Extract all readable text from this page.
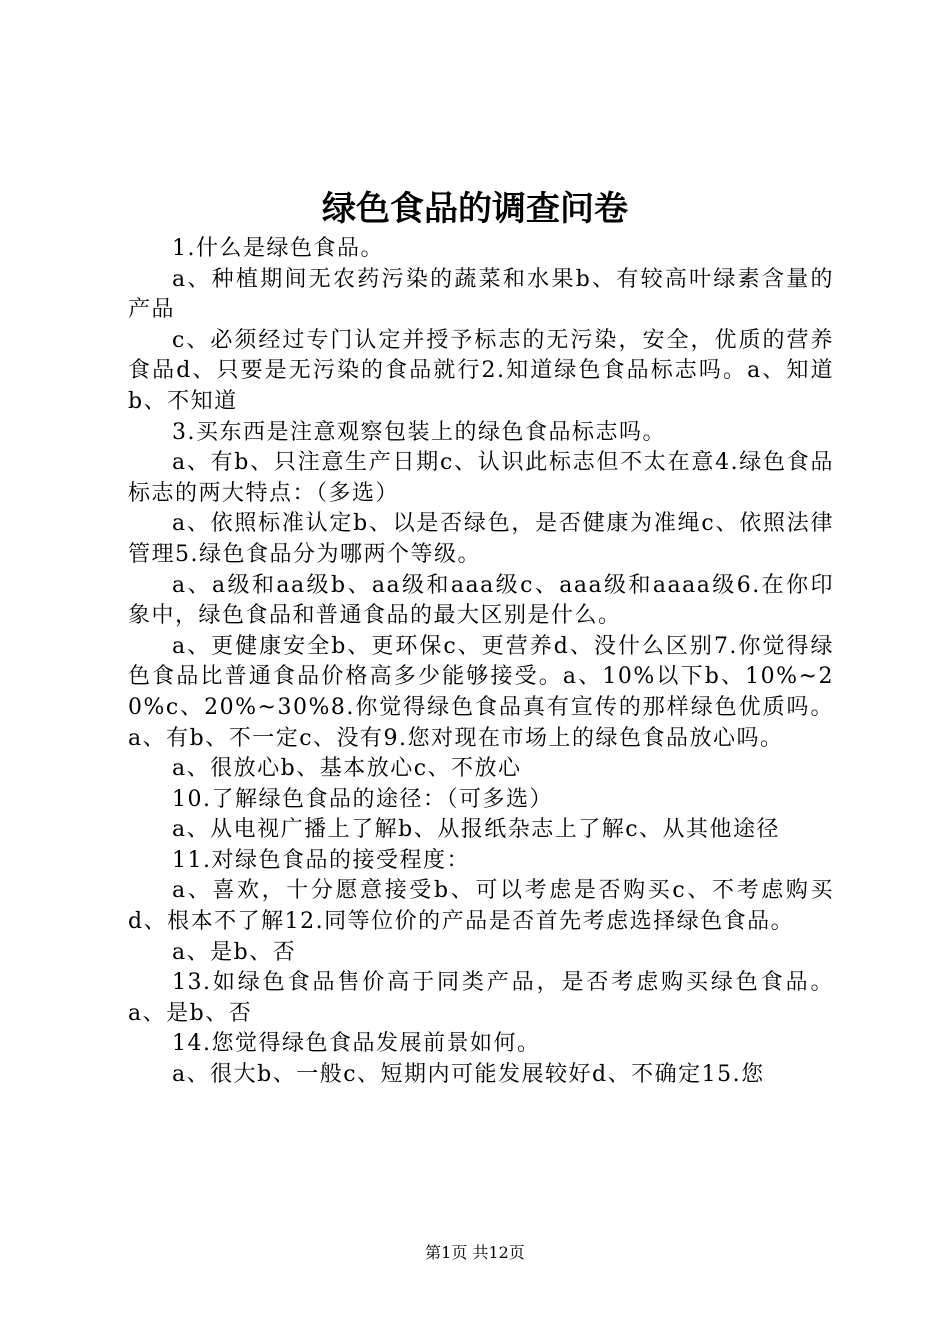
绿色食品的调查问卷

1.什么是绿色食品。

a、种植期间无农药污染的蔬菜和水果b、有较高叶绿素含量的产品

c、必须经过专门认定并授予标志的无污染，安全，优质的营养食品d、只要是无污染的食品就行2.知道绿色食品标志吗。a、知道b、不知道

3.买东西是注意观察包装上的绿色食品标志吗。

a、有b、只注意生产日期c、认识此标志但不太在意4.绿色食品标志的两大特点：（多选）

a、依照标准认定b、以是否绿色，是否健康为准绳c、依照法律管理5.绿色食品分为哪两个等级。

a、a级和aa级b、aa级和aaa级c、aaa级和aaaa级6.在你印象中，绿色食品和普通食品的最大区别是什么。

a、更健康安全b、更环保c、更营养d、没什么区别7.你觉得绿色食品比普通食品价格高多少能够接受。a、10%以下b、10%~20%c、20%~30%8.你觉得绿色食品真有宣传的那样绿色优质吗。a、有b、不一定c、没有9.您对现在市场上的绿色食品放心吗。

a、很放心b、基本放心c、不放心

10.了解绿色食品的途径：（可多选）

a、从电视广播上了解b、从报纸杂志上了解c、从其他途径

11.对绿色食品的接受程度：

a、喜欢，十分愿意接受b、可以考虑是否购买c、不考虑购买d、根本不了解12.同等位价的产品是否首先考虑选择绿色食品。

a、是b、否

13.如绿色食品售价高于同类产品，是否考虑购买绿色食品。a、是b、否

14.您觉得绿色食品发展前景如何。

a、很大b、一般c、短期内可能发展较好d、不确定15.您

第1页 共12页
